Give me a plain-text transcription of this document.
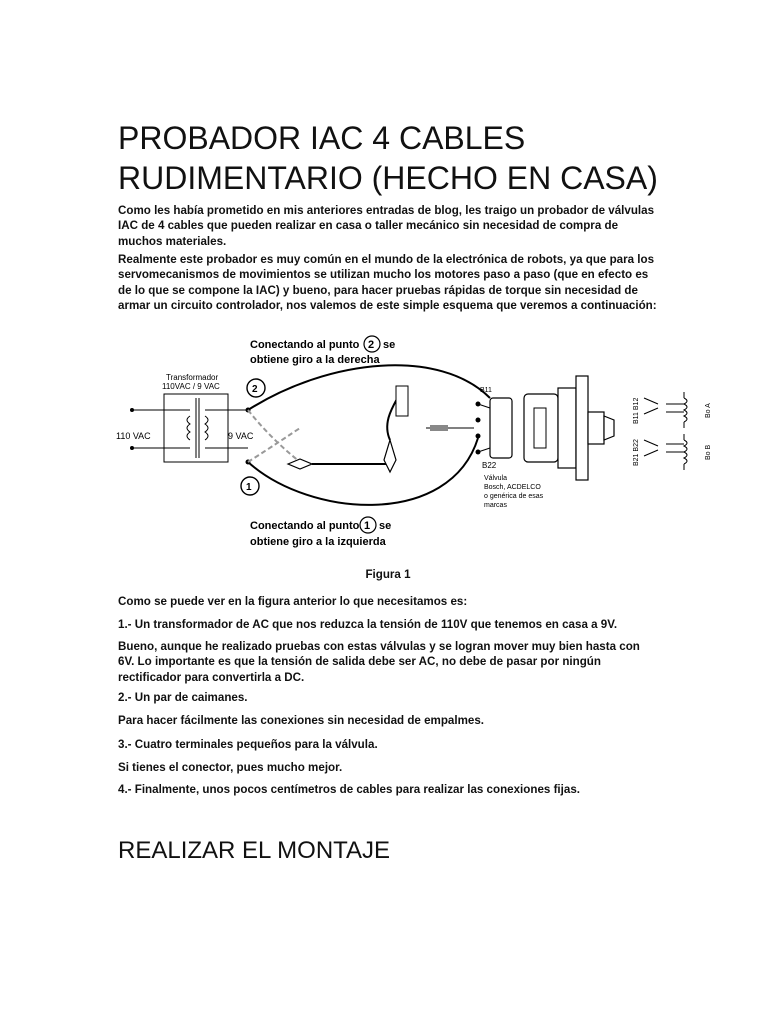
PROBADOR IAC 4 CABLES
RUDIMENTARIO (HECHO EN CASA)

Como les había prometido en mis anteriores entradas de blog, les traigo un probador de válvulas IAC de 4 cables que pueden realizar en casa o taller mecánico sin necesidad de compra de muchos materiales.

Realmente este probador es muy común en el mundo de la electrónica de robots, ya que para los servomecanismos de movimientos se utilizan mucho los motores paso a paso (que en efecto es de lo que se compone la IAC) y bueno, para hacer pruebas rápidas de torque sin necesidad de armar un circuito controlador, nos valemos de este simple esquema que veremos a continuación:

Conectando al punto 2 se
obtiene giro a la derecha
Transformador
110VAC / 9 VAC
110 VAC	9 VAC
2
1
B11
B22
Válvula
Bosch, ACDELCO
o genérica de esas
marcas
B11 B12
B21 B22
Bo A
Bo B
Conectando al punto 1 se
obtiene giro a la izquierda

Figura 1

Como se puede ver en la figura anterior lo que necesitamos es:

1.- Un transformador de AC que nos reduzca la tensión de 110V que tenemos en casa a 9V.

Bueno, aunque he realizado pruebas con estas válvulas y se logran mover muy bien hasta con 6V. Lo importante es que la tensión de salida debe ser AC, no debe de pasar por ningún rectificador para convertirla a DC.

2.- Un par de caimanes.

Para hacer fácilmente las conexiones sin necesidad de empalmes.

3.- Cuatro terminales pequeños para la válvula.

Si tienes el conector, pues mucho mejor.

4.- Finalmente, unos pocos centímetros de cables para realizar las conexiones fijas.

REALIZAR EL MONTAJE
